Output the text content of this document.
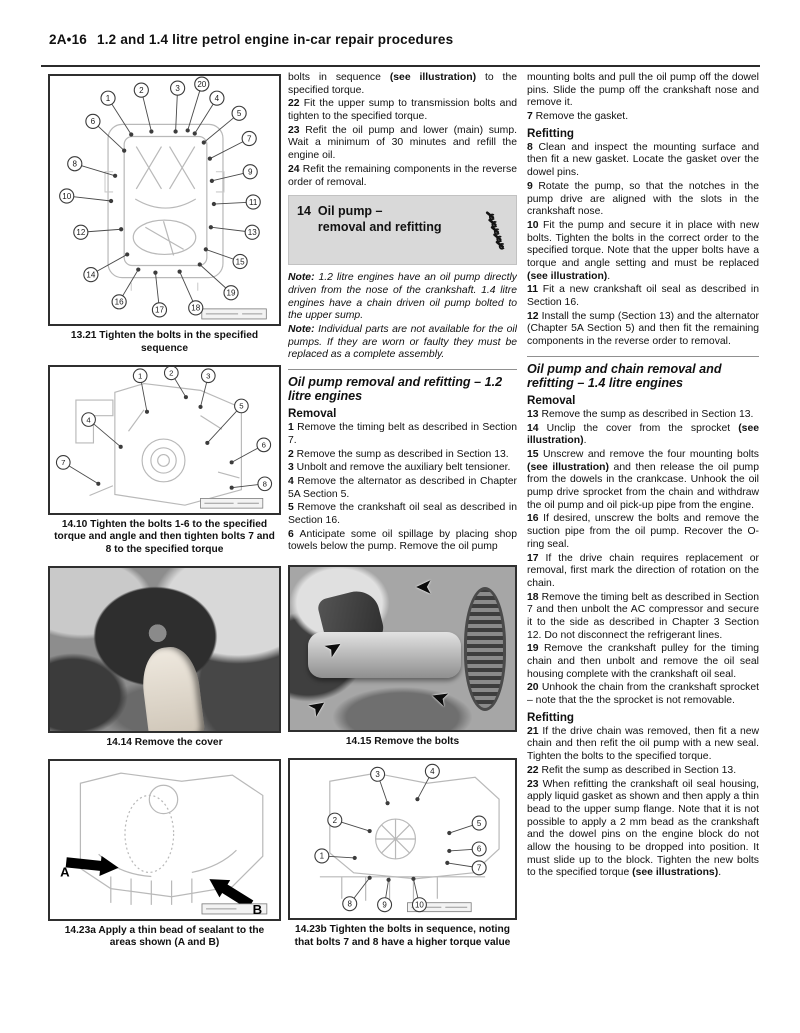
2A•16 1.2 and 1.4 litre petrol engine in-car repair procedures
1
2	3
4
5
6
7
8
9
10
11
12	13
14
15
16
17	18
19
20
13.21 Tighten the bolts in the specified sequence
1	2	3
4
5
6
7
8
14.10 Tighten the bolts 1-6 to the specified torque and angle and then tighten bolts 7 and 8 to the specified torque
14.14 Remove the cover
A
B
14.23a Apply a thin bead of sealant to the areas shown (A and B)

bolts in sequence (see illustration) to the specified torque.

22 Fit the upper sump to transmission bolts and tighten to the specified torque.

23 Refit the oil pump and lower (main) sump. Wait a minimum of 30 minutes and refill the engine oil.

24 Refit the remaining components in the reverse order of removal.

14 Oil pump –
removal and refitting

Note: 1.2 litre engines have an oil pump directly driven from the nose of the crankshaft. 1.4 litre engines have a chain driven oil pump bolted to the upper sump.

Note: Individual parts are not available for the oil pumps. If they are worn or faulty they must be replaced as a complete assembly.

Oil pump removal and refitting – 1.2 litre engines
Removal

1 Remove the timing belt as described in Section 7.

2 Remove the sump as described in Section 13.

3 Unbolt and remove the auxiliary belt tensioner.

4 Remove the alternator as described in Chapter 5A Section 5.

5 Remove the crankshaft oil seal as described in Section 16.

6 Anticipate some oil spillage by placing shop towels below the pump. Remove the oil pump

➤
➤
➤	➤
14.15 Remove the bolts
1
2
3	4
5
6
7
8	9	10
14.23b Tighten the bolts in sequence, noting that bolts 7 and 8 have a higher torque value

mounting bolts and pull the oil pump off the dowel pins. Slide the pump off the crankshaft nose and remove it.

7 Remove the gasket.

Refitting

8 Clean and inspect the mounting surface and then fit a new gasket. Locate the gasket over the dowel pins.

9 Rotate the pump, so that the notches in the pump drive are aligned with the slots in the crankshaft nose.

10 Fit the pump and secure it in place with new bolts. Tighten the bolts in the correct order to the specified torque. Note that the upper bolts have a torque and angle setting and must be replaced (see illustration).

11 Fit a new crankshaft oil seal as described in Section 16.

12 Install the sump (Section 13) and the alternator (Chapter 5A Section 5) and then fit the remaining components in the reverse order to removal.

Oil pump and chain removal and refitting – 1.4 litre engines
Removal

13 Remove the sump as described in Section 13.

14 Unclip the cover from the sprocket (see illustration).

15 Unscrew and remove the four mounting bolts (see illustration) and then release the oil pump from the dowels in the crankcase. Unhook the oil pump drive sprocket from the chain and withdraw the oil pump and oil pick-up pipe from the engine.

16 If desired, unscrew the bolts and remove the suction pipe from the oil pump. Recover the O-ring seal.

17 If the drive chain requires replacement or removal, first mark the direction of rotation on the chain.

18 Remove the timing belt as described in Section 7 and then unbolt the AC compressor and secure it to the side as described in Chapter 3 Section 12. Do not disconnect the refrigerant lines.

19 Remove the crankshaft pulley for the timing chain and then unbolt and remove the oil seal housing complete with the crankshaft oil seal.

20 Unhook the chain from the crankshaft sprocket – note that the the sprocket is not removable.

Refitting

21 If the drive chain was removed, then fit a new chain and then refit the oil pump with a new seal. Tighten the bolts to the specified torque.

22 Refit the sump as described in Section 13.

23 When refitting the crankshaft oil seal housing, apply liquid gasket as shown and then apply a thin bead to the upper sump flange. Note that it is not possible to apply a 2 mm bead as the crankshaft and the dowel pins on the engine block do not allow the housing to be dropped into position. It must slide up to the block. Tighten the new bolts to the specified torque (see illustrations).
